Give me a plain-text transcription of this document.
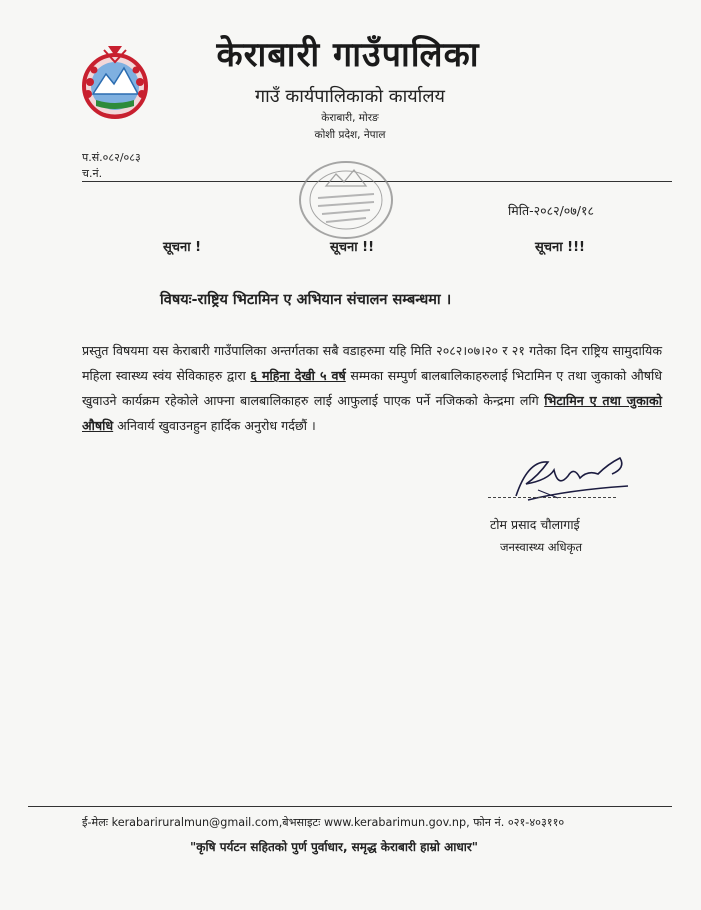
केराबारी गाउँपालिका
गाउँ कार्यपालिकाको कार्यालय
केराबारी, मोरङ
कोशी प्रदेश, नेपाल
प.सं.०८२/०८३
च.नं.
मिति-२०८२/०७/१८
सूचना !	सूचना !!	सूचना !!!
विषयः-राष्ट्रिय भिटामिन ए अभियान संचालन सम्बन्धमा ।
प्रस्तुत विषयमा यस केराबारी गाउँपालिका अन्तर्गतका सबै वडाहरुमा यहि मिति २०८२।०७।२० र २१ गतेका दिन राष्ट्रिय सामुदायिक महिला स्वास्थ्य स्वंय सेविकाहरु द्वारा ६ महिना देखी ५ वर्ष सम्मका सम्पुर्ण बालबालिकाहरुलाई भिटामिन ए तथा जुकाको औषधि खुवाउने कार्यक्रम रहेकोले आफ्ना बालबालिकाहरु लाई आफुलाई पाएक पर्ने नजिकको केन्द्रमा लगि भिटामिन ए तथा जुकाको औषधि अनिवार्य खुवाउनहुन हार्दिक अनुरोध गर्दछौं ।
टोम प्रसाद चौलागाई
जनस्वास्थ्य अधिकृत
ई-मेलः keraba​riruralmun@gmail.com,बेभसाइटः www.kerabarimun.gov.np, फोन नं. ०२१-४०३११०
"कृषि पर्यटन सहितको पुर्ण पुर्वाधार, समृद्ध केराबारी हाम्रो आधार"
